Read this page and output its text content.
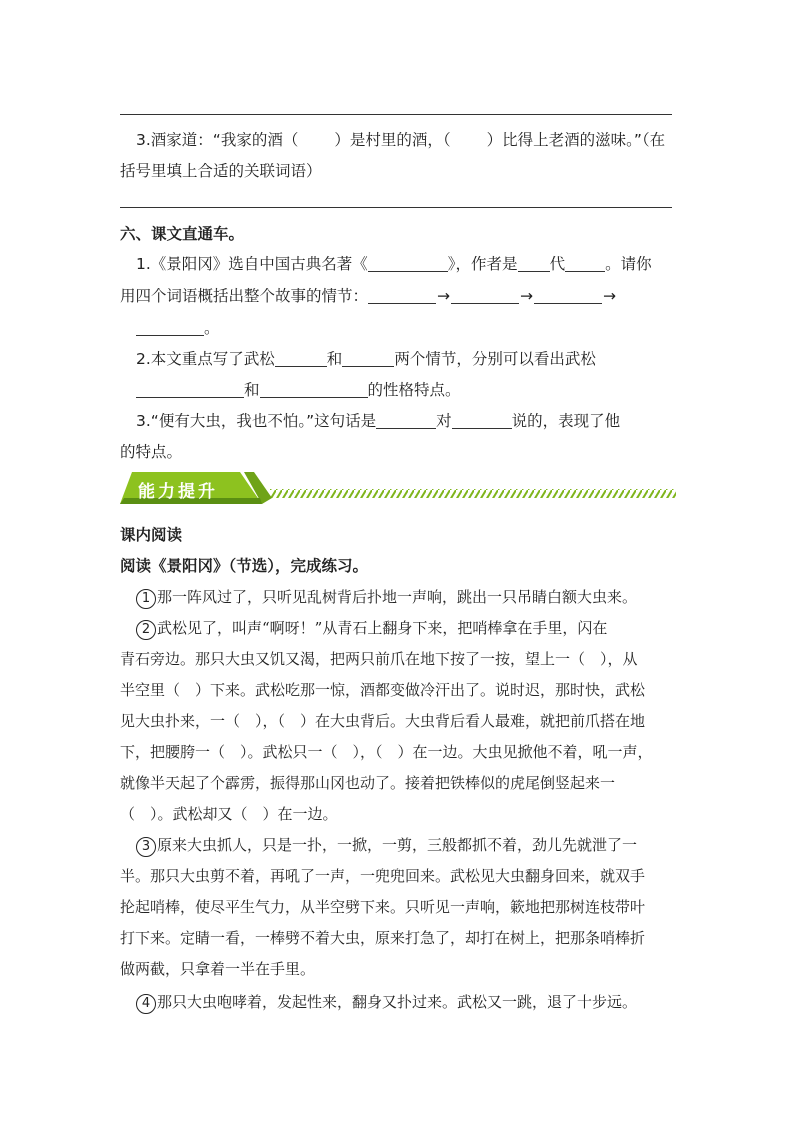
3.酒家道：“我家的酒（ ）是村里的酒，（ ）比得上老酒的滋味。”（在
括号里填上合适的关联词语）
六、课文直通车。
1.《景阳冈》选自中国古典名著《	》，作者是 代	。请你
用四个词语概括出整个故事的情节：	→	→	→
。
2.本文重点写了武松	和	两个情节，分别可以看出武松
和	的性格特点。
3.“便有大虫，我也不怕。”这句话是	对	说的，表现了他
的特点。
能力提升
课内阅读
阅读《景阳冈》（节选），完成练习。
1 那一阵风过了，只听见乱树背后扑地一声响，跳出一只吊睛白额大虫来。
2 武松见了，叫声“啊呀！”从青石上翻身下来，把哨棒拿在手里，闪在
青石旁边。那只大虫又饥又渴，把两只前爪在地下按了一按，望上一（　），从
半空里（　）下来。武松吃那一惊，酒都变做冷汗出了。说时迟，那时快，武松
见大虫扑来，一（　），（　）在大虫背后。大虫背后看人最难，就把前爪搭在地
下，把腰胯一（　）。武松只一（　），（　）在一边。大虫见掀他不着，吼一声，
就像半天起了个霹雳，振得那山冈也动了。接着把铁棒似的虎尾倒竖起来一
（　）。武松却又（　）在一边。
3 原来大虫抓人，只是一扑，一掀，一剪，三般都抓不着，劲儿先就泄了一
半。那只大虫剪不着，再吼了一声，一兜兜回来。武松见大虫翻身回来，就双手
抡起哨棒，使尽平生气力，从半空劈下来。只听见一声响，簌地把那树连枝带叶
打下来。定睛一看，一棒劈不着大虫，原来打急了，却打在树上，把那条哨棒折
做两截，只拿着一半在手里。
4 那只大虫咆哮着，发起性来，翻身又扑过来。武松又一跳，退了十步远。
